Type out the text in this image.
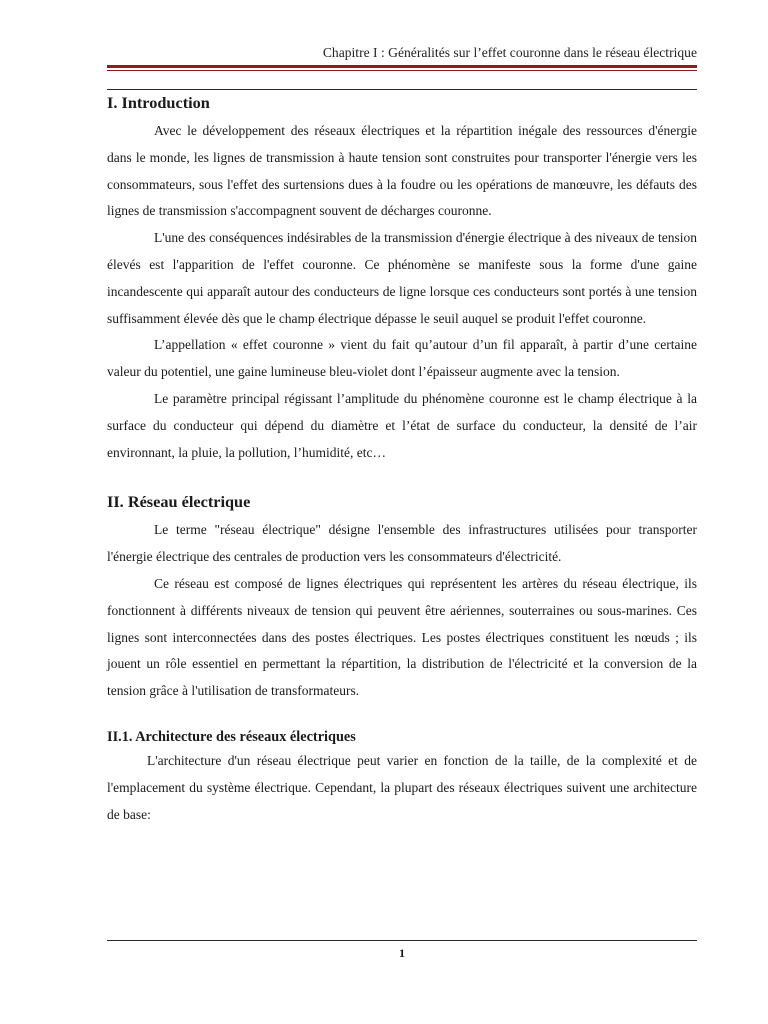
Chapitre I : Généralités sur l’effet couronne dans le réseau électrique
I. Introduction

Avec le développement des réseaux électriques et la répartition inégale des ressources d'énergie dans le monde, les lignes de transmission à haute tension sont construites pour transporter l'énergie vers les consommateurs, sous l'effet des surtensions dues à la foudre ou les opérations de manœuvre, les défauts des lignes de transmission s'accompagnent souvent de décharges couronne.

L'une des conséquences indésirables de la transmission d'énergie électrique à des niveaux de tension élevés est l'apparition de l'effet couronne. Ce phénomène se manifeste sous la forme d'une gaine incandescente qui apparaît autour des conducteurs de ligne lorsque ces conducteurs sont portés à une tension suffisamment élevée dès que le champ électrique dépasse le seuil auquel se produit l'effet couronne.

L’appellation « effet couronne » vient du fait qu’autour d’un fil apparaît, à partir d’une certaine valeur du potentiel, une gaine lumineuse bleu-violet dont l’épaisseur augmente avec la tension.

Le paramètre principal régissant l’amplitude du phénomène couronne est le champ électrique à la surface du conducteur qui dépend du diamètre et l’état de surface du conducteur, la densité de l’air environnant, la pluie, la pollution, l’humidité, etc…

II. Réseau électrique

Le terme "réseau électrique" désigne l'ensemble des infrastructures utilisées pour transporter l'énergie électrique des centrales de production vers les consommateurs d'électricité.

Ce réseau est composé de lignes électriques qui représentent les artères du réseau électrique, ils fonctionnent à différents niveaux de tension qui peuvent être aériennes, souterraines ou sous-marines. Ces lignes sont interconnectées dans des postes électriques. Les postes électriques constituent les nœuds ; ils jouent un rôle essentiel en permettant la répartition, la distribution de l'électricité et la conversion de la tension grâce à l'utilisation de transformateurs.

II.1. Architecture des réseaux électriques

L'architecture d'un réseau électrique peut varier en fonction de la taille, de la complexité et de l'emplacement du système électrique. Cependant, la plupart des réseaux électriques suivent une architecture de base:

1
